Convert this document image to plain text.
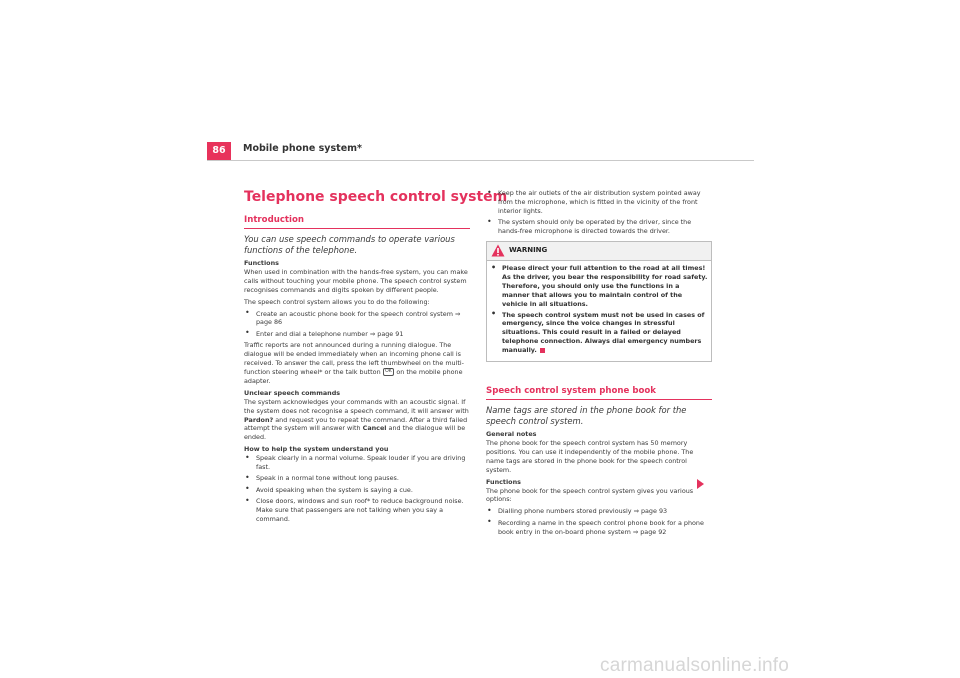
86	Mobile phone system*
Telephone speech control system

Introduction

You can use speech commands to operate various functions of the telephone.

Functions

When used in combination with the hands-free system, you can make calls without touching your mobile phone. The speech control system recognises commands and digits spoken by different people.

The speech control system allows you to do the following:

• Create an acoustic phone book for the speech control system ⇒ page 86
• Enter and dial a telephone number ⇒ page 91

Traffic reports are not announced during a running dialogue. The dialogue will be ended immediately when an incoming phone call is received. To answer the call, press the left thumbwheel on the multi-function steering wheel* or the talk button OK on the mobile phone adapter.

Unclear speech commands

The system acknowledges your commands with an acoustic signal. If the system does not recognise a speech command, it will answer with Pardon? and request you to repeat the command. After a third failed attempt the system will answer with Cancel and the dialogue will be ended.

How to help the system understand you

• Speak clearly in a normal volume. Speak louder if you are driving fast.
• Speak in a normal tone without long pauses.
• Avoid speaking when the system is saying a cue.
• Close doors, windows and sun roof* to reduce background noise. Make sure that passengers are not talking when you say a command.
• Keep the air outlets of the air distribution system pointed away from the microphone, which is fitted in the vicinity of the front interior lights.
• The system should only be operated by the driver, since the hands-free microphone is directed towards the driver.
WARNING
• Please direct your full attention to the road at all times! As the driver, you bear the responsibility for road safety. Therefore, you should only use the functions in a manner that allows you to maintain control of the vehicle in all situations.
• The speech control system must not be used in cases of emergency, since the voice changes in stressful situations. This could result in a failed or delayed telephone connection. Always dial emergency numbers manually.

Speech control system phone book

Name tags are stored in the phone book for the speech control system.

General notes

The phone book for the speech control system has 50 memory positions. You can use it independently of the mobile phone. The name tags are stored in the phone book for the speech control system.

Functions

The phone book for the speech control system gives you various options:

• Dialling phone numbers stored previously ⇒ page 93
• Recording a name in the speech control phone book for a phone book entry in the on-board phone system ⇒ page 92
carmanualsonline.info
